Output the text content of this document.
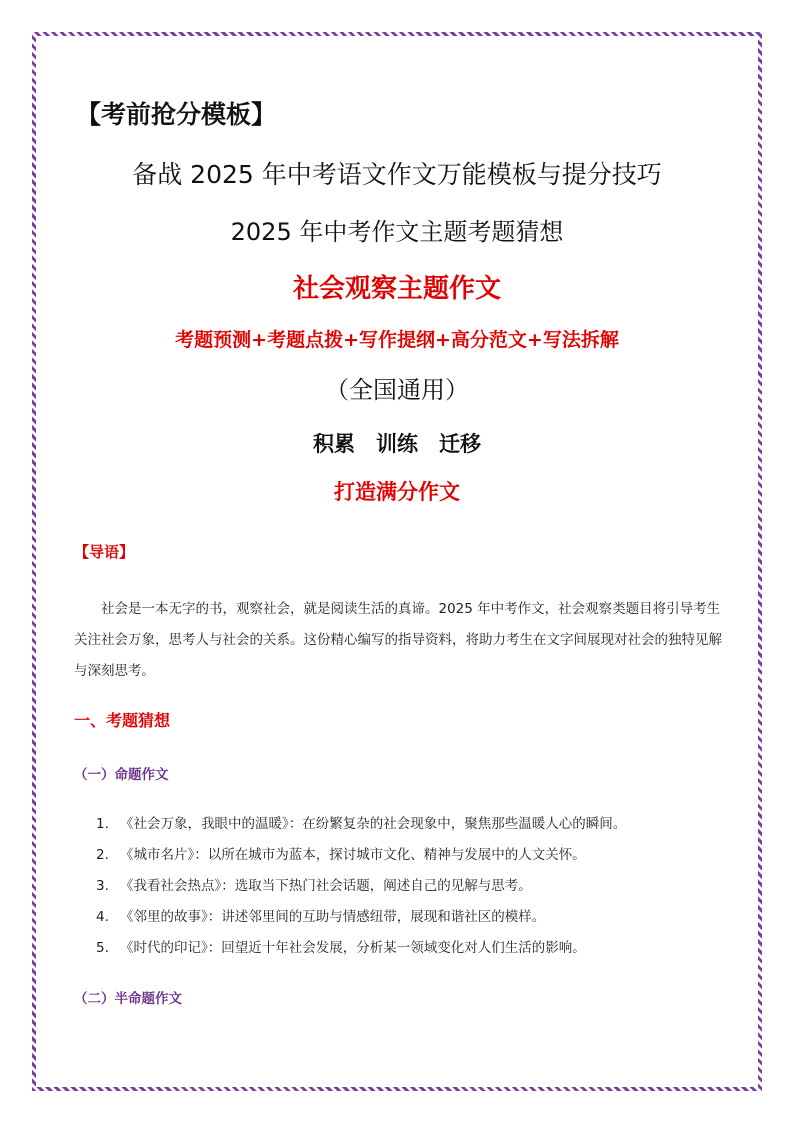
【考前抢分模板】
备战 2025 年中考语文作文万能模板与提分技巧
2025 年中考作文主题考题猜想
社会观察主题作文
考题预测+考题点拨+写作提纲+高分范文+写法拆解
（全国通用）
积累　训练　迁移
打造满分作文
【导语】

社会是一本无字的书，观察社会，就是阅读生活的真谛。2025 年中考作文，社会观察类题目将引导考生关注社会万象，思考人与社会的关系。这份精心编写的指导资料，将助力考生在文字间展现对社会的独特见解与深刻思考。

一、考题猜想
（一）命题作文
1. 《社会万象，我眼中的温暖》：在纷繁复杂的社会现象中，聚焦那些温暖人心的瞬间。
2. 《城市名片》：以所在城市为蓝本，探讨城市文化、精神与发展中的人文关怀。
3. 《我看社会热点》：选取当下热门社会话题，阐述自己的见解与思考。
4. 《邻里的故事》：讲述邻里间的互助与情感纽带，展现和谐社区的模样。
5. 《时代的印记》：回望近十年社会发展，分析某一领域变化对人们生活的影响。
（二）半命题作文
